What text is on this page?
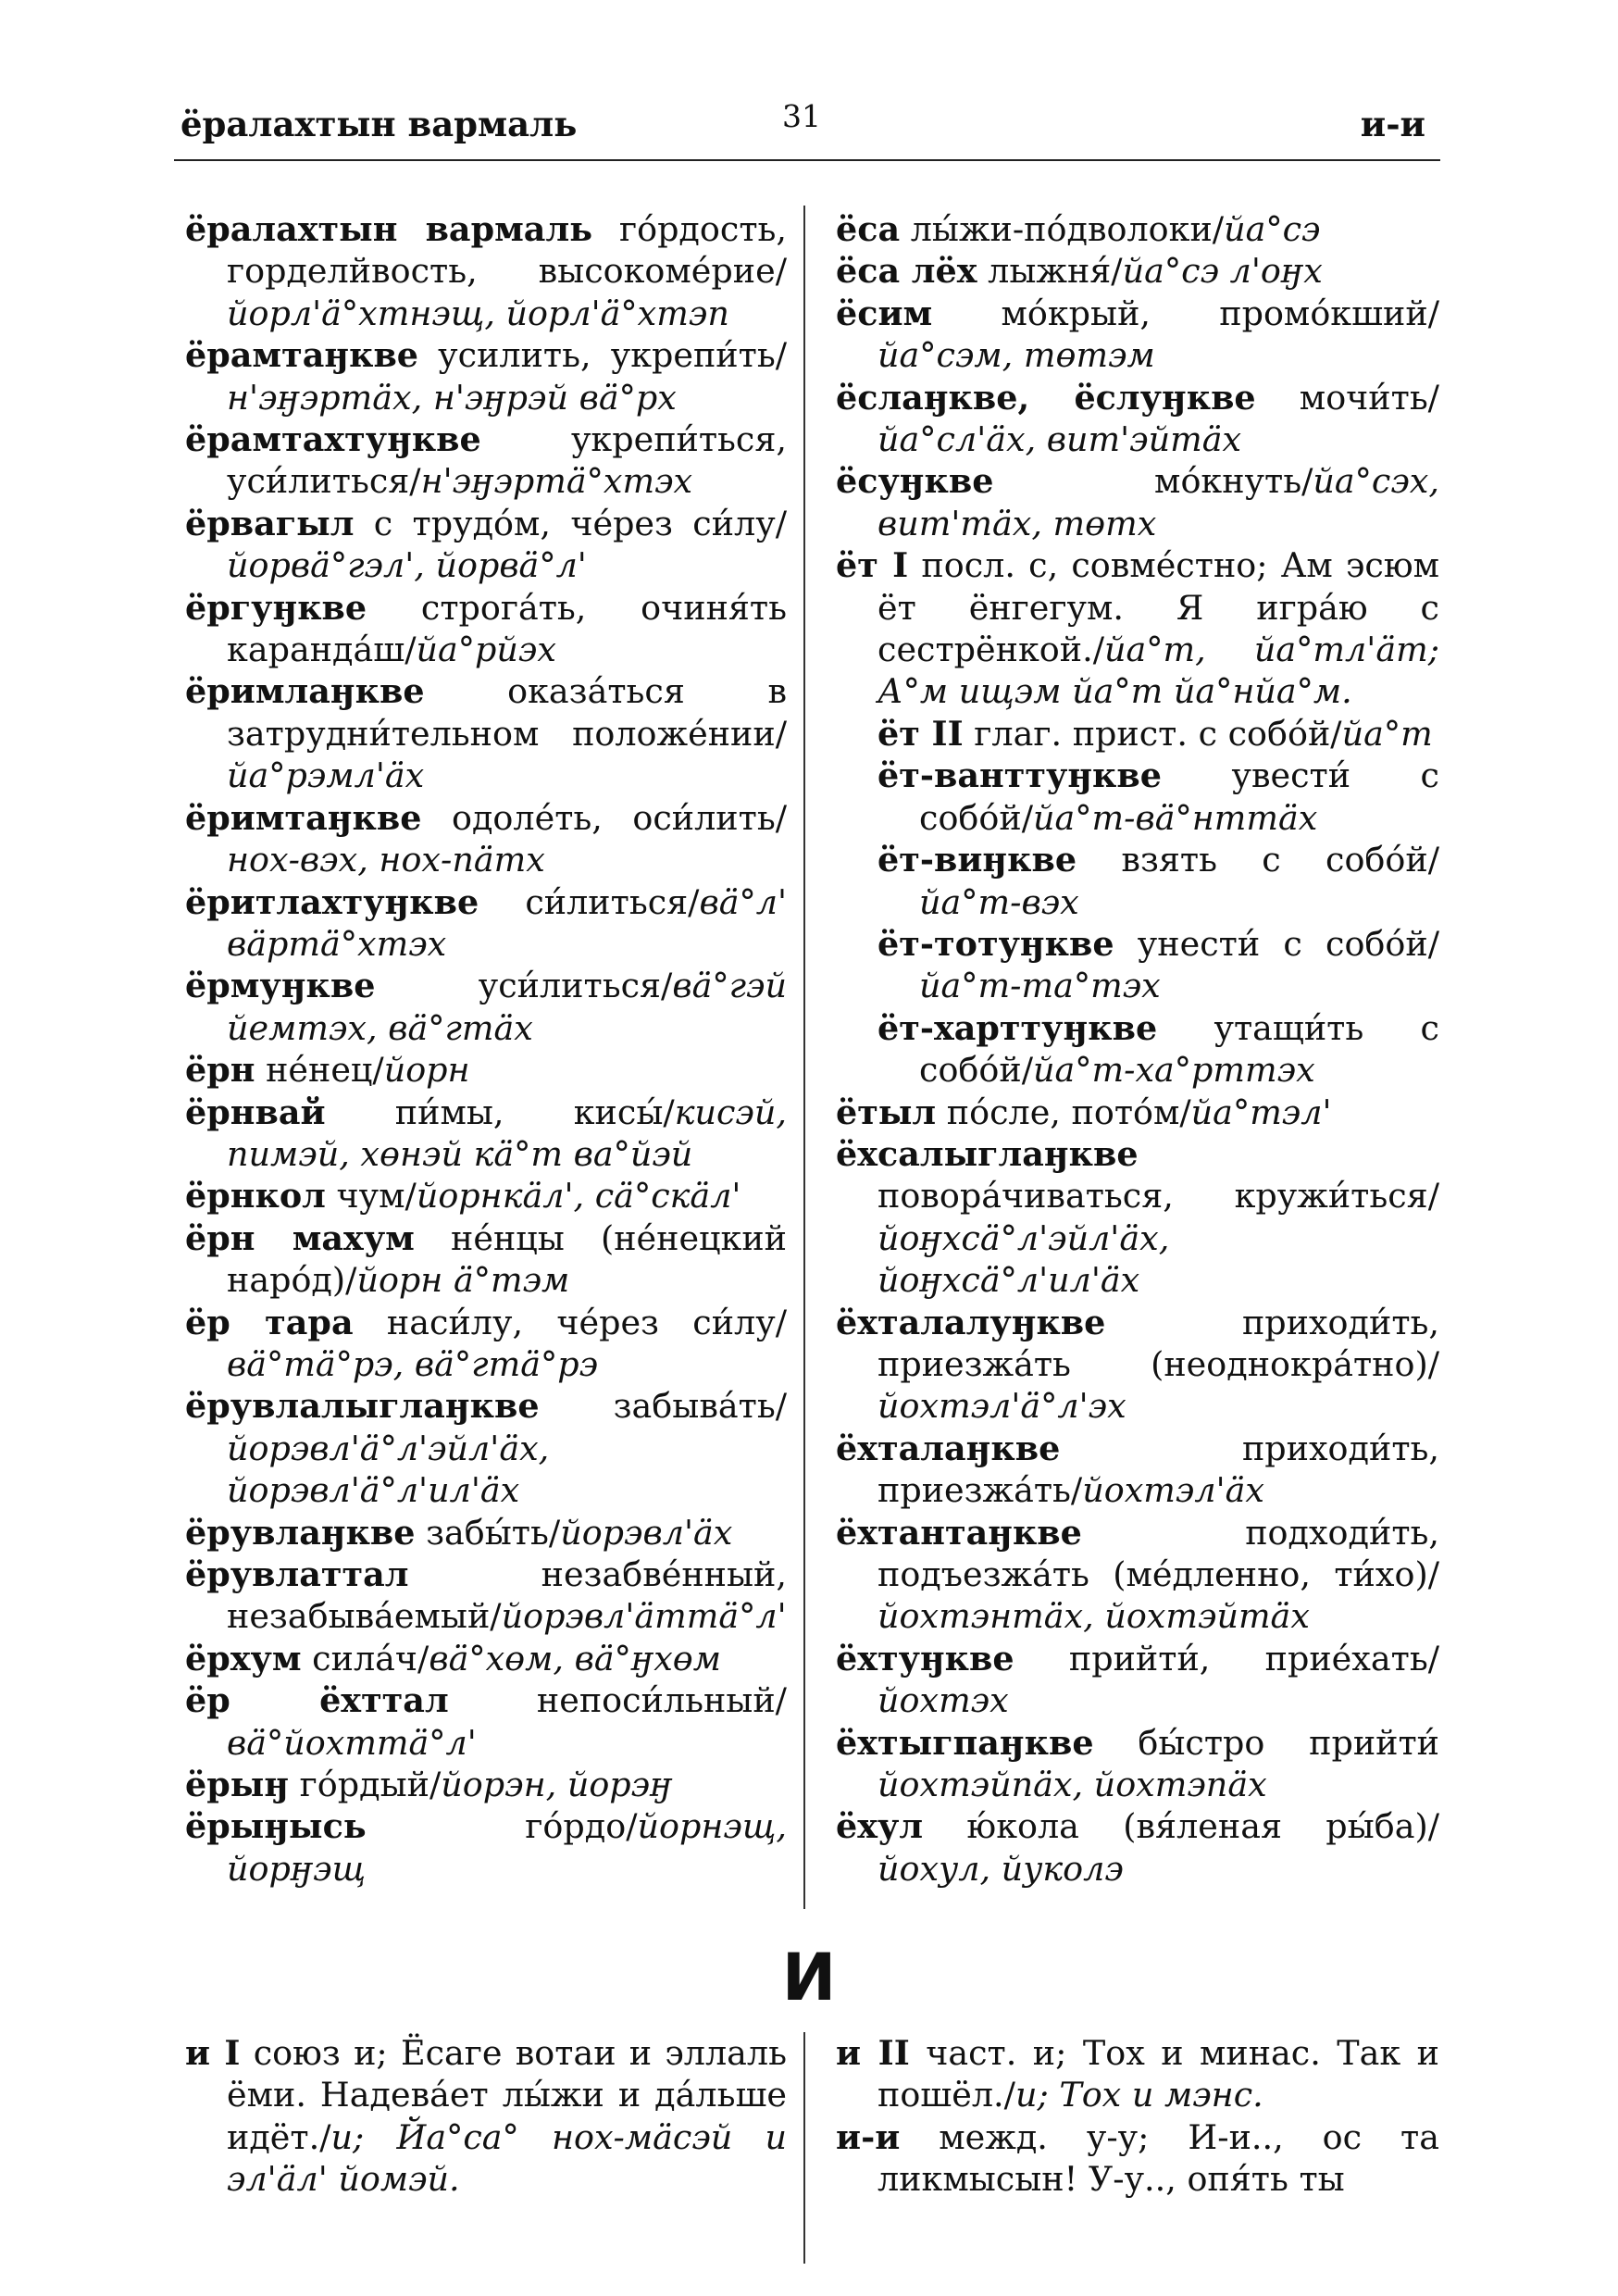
ёралахтын вармаль	31	и-и
ёралахтын вармаль го́рдость, горделйвость, высокоме́рие/йорл'ӓ°хтнэщ, йорл'ӓ°хтэп
ёрамтаӈкве усилить, укрепи́ть/н'эӈэртӓх, н'эӈрэй вӓ°рх
ёрамтахтуӈкве укрепи́ться, уси́литься/н'эӈэртӓ°хтэх
ёрвагыл с трудо́м, че́рез си́лу/йорвӓ°гэл', йорвӓ°л'
ёргуӈкве строга́ть, очиня́ть каранда́ш/йа°рйэх
ёримлаӈкве оказа́ться в затрудни́тельном положе́нии/йа°рэмл'ӓх
ёримтаӈкве одоле́ть, оси́лить/нох-вэх, нох-пӓтх
ёритлахтуӈкве си́литься/вӓ°л' вӓртӓ°хтэх
ёрмуӈкве уси́литься/вӓ°гэй йемтэх, вӓ°гтӓх
ёрн не́нец/йорн
ёрнвай пи́мы, кисы́/кисэй, пимэй, хөнэй кӓ°т ва°йэй
ёрнкол чум/йорнкӓл', сӓ°скӓл'
ёрн махум не́нцы (не́нецкий наро́д)/йорн ӓ°тэм
ёр тара наси́лу, че́рез си́лу/вӓ°тӓ°рэ, вӓ°гтӓ°рэ
ёрувлалыглаӈкве забыва́ть/йорэвл'ӓ°л'эйл'ӓх, йорэвл'ӓ°л'ил'ӓх
ёрувлаӈкве забы́ть/йорэвл'ӓх
ёрувлаттал незабве́нный, незабыва́емый/йорэвл'ӓттӓ°л'
ёрхум сила́ч/вӓ°хөм, вӓ°ӈхөм
ёр ёхттал непоси́льный/вӓ°йохттӓ°л'
ёрыӈ го́рдый/йорэн, йорэӈ
ёрыӈысь го́рдо/йорнэщ, йорӈэщ
ёса лы́жи-по́дволоки/йа°сэ
ёса лёх лыжня́/йа°сэ л'оӈх
ёсим мо́крый, промо́кший/йа°сэм, төтэм
ёслаӈкве, ёслуӈкве мочи́ть/йа°сл'ӓх, вит'эйтӓх
ёсуӈкве мо́кнуть/йа°сэх, вит'тӓх, төтх
ёт I посл. с, совме́стно; Ам эсюм ёт ёнгегум. Я игра́ю с сестрёнкой./йа°т, йа°тл'ӓт; А°м ищэм йа°т йа°нйа°м.
ёт II глаг. прист. с собо́й/йа°т
ёт-ванттуӈкве увести́ с собо́й/йа°т-вӓ°нттӓх
ёт-виӈкве взять с собо́й/йа°т-вэх
ёт-тотуӈкве унести́ с собо́й/йа°т-та°тэх
ёт-харттуӈкве утащи́ть с собо́й/йа°т-ха°рттэх
ётыл по́сле, пото́м/йа°тэл'
ёхсалыглаӈкве повора́чиваться, кружи́ться/йоӈхсӓ°л'эйл'ӓх, йоӈхсӓ°л'ил'ӓх
ёхталалуӈкве приходи́ть, приезжа́ть (неоднокра́тно)/йохтэл'ӓ°л'эх
ёхталаӈкве приходи́ть, приезжа́ть/йохтэл'ӓх
ёхтантаӈкве подходи́ть, подъезжа́ть (ме́дленно, ти́хо)/йохтэнтӓх, йохтэйтӓх
ёхтуӈкве прийти́, прие́хать/йохтэх
ёхтыгпаӈкве бы́стро прийти́ йохтэйпӓх, йохтэпӓх
ёхул ю́кола (вя́леная ры́ба)/йохул, йуколэ
И
и I союз и; Ёсаге вотаи и эллаль ёми. Надева́ет лы́жи и да́льше идёт./и; Йа°са° нох-мӓсэй и эл'ӓл' йомэй.
и II част. и; Тох и минас. Так и пошёл./и; Тох и мэнс.
и-и межд. у-у; И-и.., ос та ликмысын! У-у.., опя́ть ты
